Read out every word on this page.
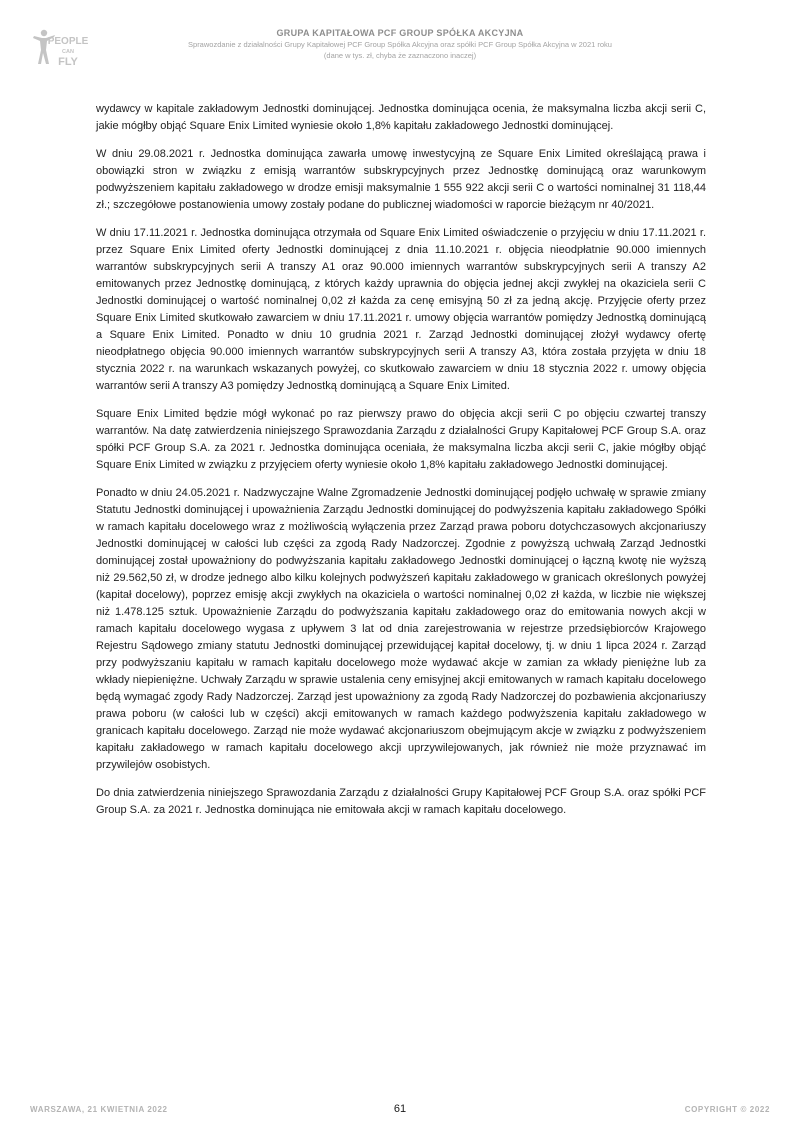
PEOPLE
CAN
FLY
GRUPA KAPITAŁOWA PCF GROUP SPÓŁKA AKCYJNA
Sprawozdanie z działalności Grupy Kapitałowej PCF Group Spółka Akcyjna oraz spółki PCF Group Spółka Akcyjna w 2021 roku
(dane w tys. zł, chyba że zaznaczono inaczej)

wydawcy w kapitale zakładowym Jednostki dominującej. Jednostka dominująca ocenia, że maksymalna liczba akcji serii C, jakie mógłby objąć Square Enix Limited wyniesie około 1,8% kapitału zakładowego Jednostki dominującej.

W dniu 29.08.2021 r. Jednostka dominująca zawarła umowę inwestycyjną ze Square Enix Limited określającą prawa i obowiązki stron w związku z emisją warrantów subskrypcyjnych przez Jednostkę dominującą oraz warunkowym podwyższeniem kapitału zakładowego w drodze emisji maksymalnie 1 555 922 akcji serii C o wartości nominalnej 31 118,44 zł.; szczegółowe postanowienia umowy zostały podane do publicznej wiadomości w raporcie bieżącym nr 40/2021.

W dniu 17.11.2021 r. Jednostka dominująca otrzymała od Square Enix Limited oświadczenie o przyjęciu w dniu 17.11.2021 r. przez Square Enix Limited oferty Jednostki dominującej z dnia 11.10.2021 r. objęcia nieodpłatnie 90.000 imiennych warrantów subskrypcyjnych serii A transzy A1 oraz 90.000 imiennych warrantów subskrypcyjnych serii A transzy A2 emitowanych przez Jednostkę dominującą, z których każdy uprawnia do objęcia jednej akcji zwykłej na okaziciela serii C Jednostki dominującej o wartość nominalnej 0,02 zł każda za cenę emisyjną 50 zł za jedną akcję. Przyjęcie oferty przez Square Enix Limited skutkowało zawarciem w dniu 17.11.2021 r. umowy objęcia warrantów pomiędzy Jednostką dominującą a Square Enix Limited. Ponadto w dniu 10 grudnia 2021 r. Zarząd Jednostki dominującej złożył wydawcy ofertę nieodpłatnego objęcia 90.000 imiennych warrantów subskrypcyjnych serii A transzy A3, która została przyjęta w dniu 18 stycznia 2022 r. na warunkach wskazanych powyżej, co skutkowało zawarciem w dniu 18 stycznia 2022 r. umowy objęcia warrantów serii A transzy A3 pomiędzy Jednostką dominującą a Square Enix Limited.

Square Enix Limited będzie mógł wykonać po raz pierwszy prawo do objęcia akcji serii C po objęciu czwartej transzy warrantów. Na datę zatwierdzenia niniejszego Sprawozdania Zarządu z działalności Grupy Kapitałowej PCF Group S.A. oraz spółki PCF Group S.A. za 2021 r. Jednostka dominująca oceniała, że maksymalna liczba akcji serii C, jakie mógłby objąć Square Enix Limited w związku z przyjęciem oferty wyniesie około 1,8% kapitału zakładowego Jednostki dominującej.

Ponadto w dniu 24.05.2021 r. Nadzwyczajne Walne Zgromadzenie Jednostki dominującej podjęło uchwałę w sprawie zmiany Statutu Jednostki dominującej i upoważnienia Zarządu Jednostki dominującej do podwyższenia kapitału zakładowego Spółki w ramach kapitału docelowego wraz z możliwością wyłączenia przez Zarząd prawa poboru dotychczasowych akcjonariuszy Jednostki dominującej w całości lub części za zgodą Rady Nadzorczej. Zgodnie z powyższą uchwałą Zarząd Jednostki dominującej został upoważniony do podwyższania kapitału zakładowego Jednostki dominującej o łączną kwotę nie wyższą niż 29.562,50 zł, w drodze jednego albo kilku kolejnych podwyższeń kapitału zakładowego w granicach określonych powyżej (kapitał docelowy), poprzez emisję akcji zwykłych na okaziciela o wartości nominalnej 0,02 zł każda, w liczbie nie większej niż 1.478.125 sztuk. Upoważnienie Zarządu do podwyższania kapitału zakładowego oraz do emitowania nowych akcji w ramach kapitału docelowego wygasa z upływem 3 lat od dnia zarejestrowania w rejestrze przedsiębiorców Krajowego Rejestru Sądowego zmiany statutu Jednostki dominującej przewidującej kapitał docelowy, tj. w dniu 1 lipca 2024 r. Zarząd przy podwyższaniu kapitału w ramach kapitału docelowego może wydawać akcje w zamian za wkłady pieniężne lub za wkłady niepieniężne. Uchwały Zarządu w sprawie ustalenia ceny emisyjnej akcji emitowanych w ramach kapitału docelowego będą wymagać zgody Rady Nadzorczej. Zarząd jest upoważniony za zgodą Rady Nadzorczej do pozbawienia akcjonariuszy prawa poboru (w całości lub w części) akcji emitowanych w ramach każdego podwyższenia kapitału zakładowego w granicach kapitału docelowego. Zarząd nie może wydawać akcjonariuszom obejmującym akcje w związku z podwyższeniem kapitału zakładowego w ramach kapitału docelowego akcji uprzywilejowanych, jak również nie może przyznawać im przywilejów osobistych.

Do dnia zatwierdzenia niniejszego Sprawozdania Zarządu z działalności Grupy Kapitałowej PCF Group S.A. oraz spółki PCF Group S.A. za 2021 r. Jednostka dominująca nie emitowała akcji w ramach kapitału docelowego.

WARSZAWA, 21 KWIETNIA 2022	61	COPYRIGHT © 2022
